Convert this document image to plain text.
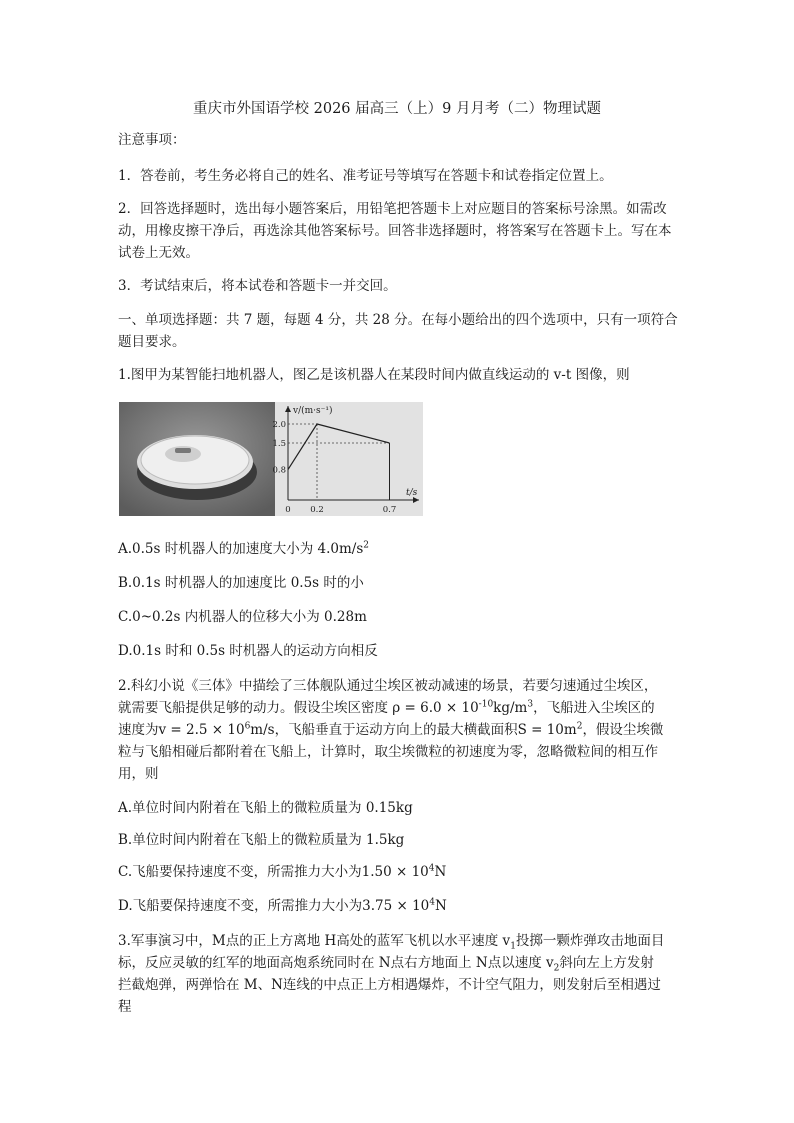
重庆市外国语学校 2026 届高三（上）9 月月考（二）物理试题
注意事项：
1．答卷前，考生务必将自己的姓名、准考证号等填写在答题卡和试卷指定位置上。
2．回答选择题时，选出每小题答案后，用铅笔把答题卡上对应题目的答案标号涂黑。如需改动，用橡皮擦干净后，再选涂其他答案标号。回答非选择题时，将答案写在答题卡上。写在本试卷上无效。
3．考试结束后，将本试卷和答题卡一并交回。
一、单项选择题：共 7 题，每题 4 分，共 28 分。在每小题给出的四个选项中，只有一项符合题目要求。
1.图甲为某智能扫地机器人，图乙是该机器人在某段时间内做直线运动的 v-t 图像，则
2.0
1.5
0.8
0 0.2	0.7
v/(m·s⁻¹)
t/s
A.0.5s 时机器人的加速度大小为 $4.0m/s^2$
B.0.1s 时机器人的加速度比 0.5s 时的小
C.0~0.2s 内机器人的位移大小为 0.28m
D.0.1s 时和 0.5s 时机器人的运动方向相反
2.科幻小说《三体》中描绘了三体舰队通过尘埃区被动减速的场景，若要匀速通过尘埃区，
就需要飞船提供足够的动力。假设尘埃区密度 $\rho = 6.0 \times 10^{-10}kg/m^3$，飞船进入尘埃区的
速度为$v = 2.5 \times 10^6m/s$，飞船垂直于运动方向上的最大横截面积$S = 10m^2$，假设尘埃微
粒与飞船相碰后都附着在飞船上，计算时，取尘埃微粒的初速度为零，忽略微粒间的相互作
用，则
A.单位时间内附着在飞船上的微粒质量为 0.15kg
B.单位时间内附着在飞船上的微粒质量为 1.5kg
C.飞船要保持速度不变，所需推力大小为$1.50 \times 10^4N$
D.飞船要保持速度不变，所需推力大小为$3.75 \times 10^4N$
3.军事演习中，M点的正上方离地 H高处的蓝军飞机以水平速度 $v_1$投掷一颗炸弹攻击地面目
标，反应灵敏的红军的地面高炮系统同时在 N点右方地面上 N点以速度 $v_2$斜向左上方发射
拦截炮弹，两弹恰在 M、N连线的中点正上方相遇爆炸，不计空气阻力，则发射后至相遇过
程
